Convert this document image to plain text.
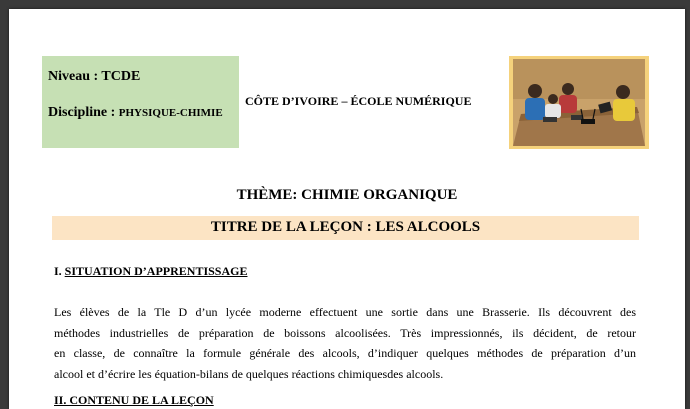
Niveau : TCDE
Discipline : PHYSIQUE-CHIMIE
CÔTE D’IVOIRE – ÉCOLE NUMÉRIQUE
THÈME: CHIMIE ORGANIQUE
TITRE DE LA LEÇON : LES ALCOOLS
I. SITUATION D’APPRENTISSAGE
Les élèves de la Tle D d’un lycée moderne effectuent une sortie dans une Brasserie. Ils découvrent des
méthodes industrielles de préparation de boissons alcoolisées. Très impressionnés, ils décident, de retour
en classe, de connaître la formule générale des alcools, d’indiquer quelques méthodes de préparation d’un
alcool et d’écrire les équation-bilans de quelques réactions chimiquesdes alcools.
II. CONTENU DE LA LEÇON
